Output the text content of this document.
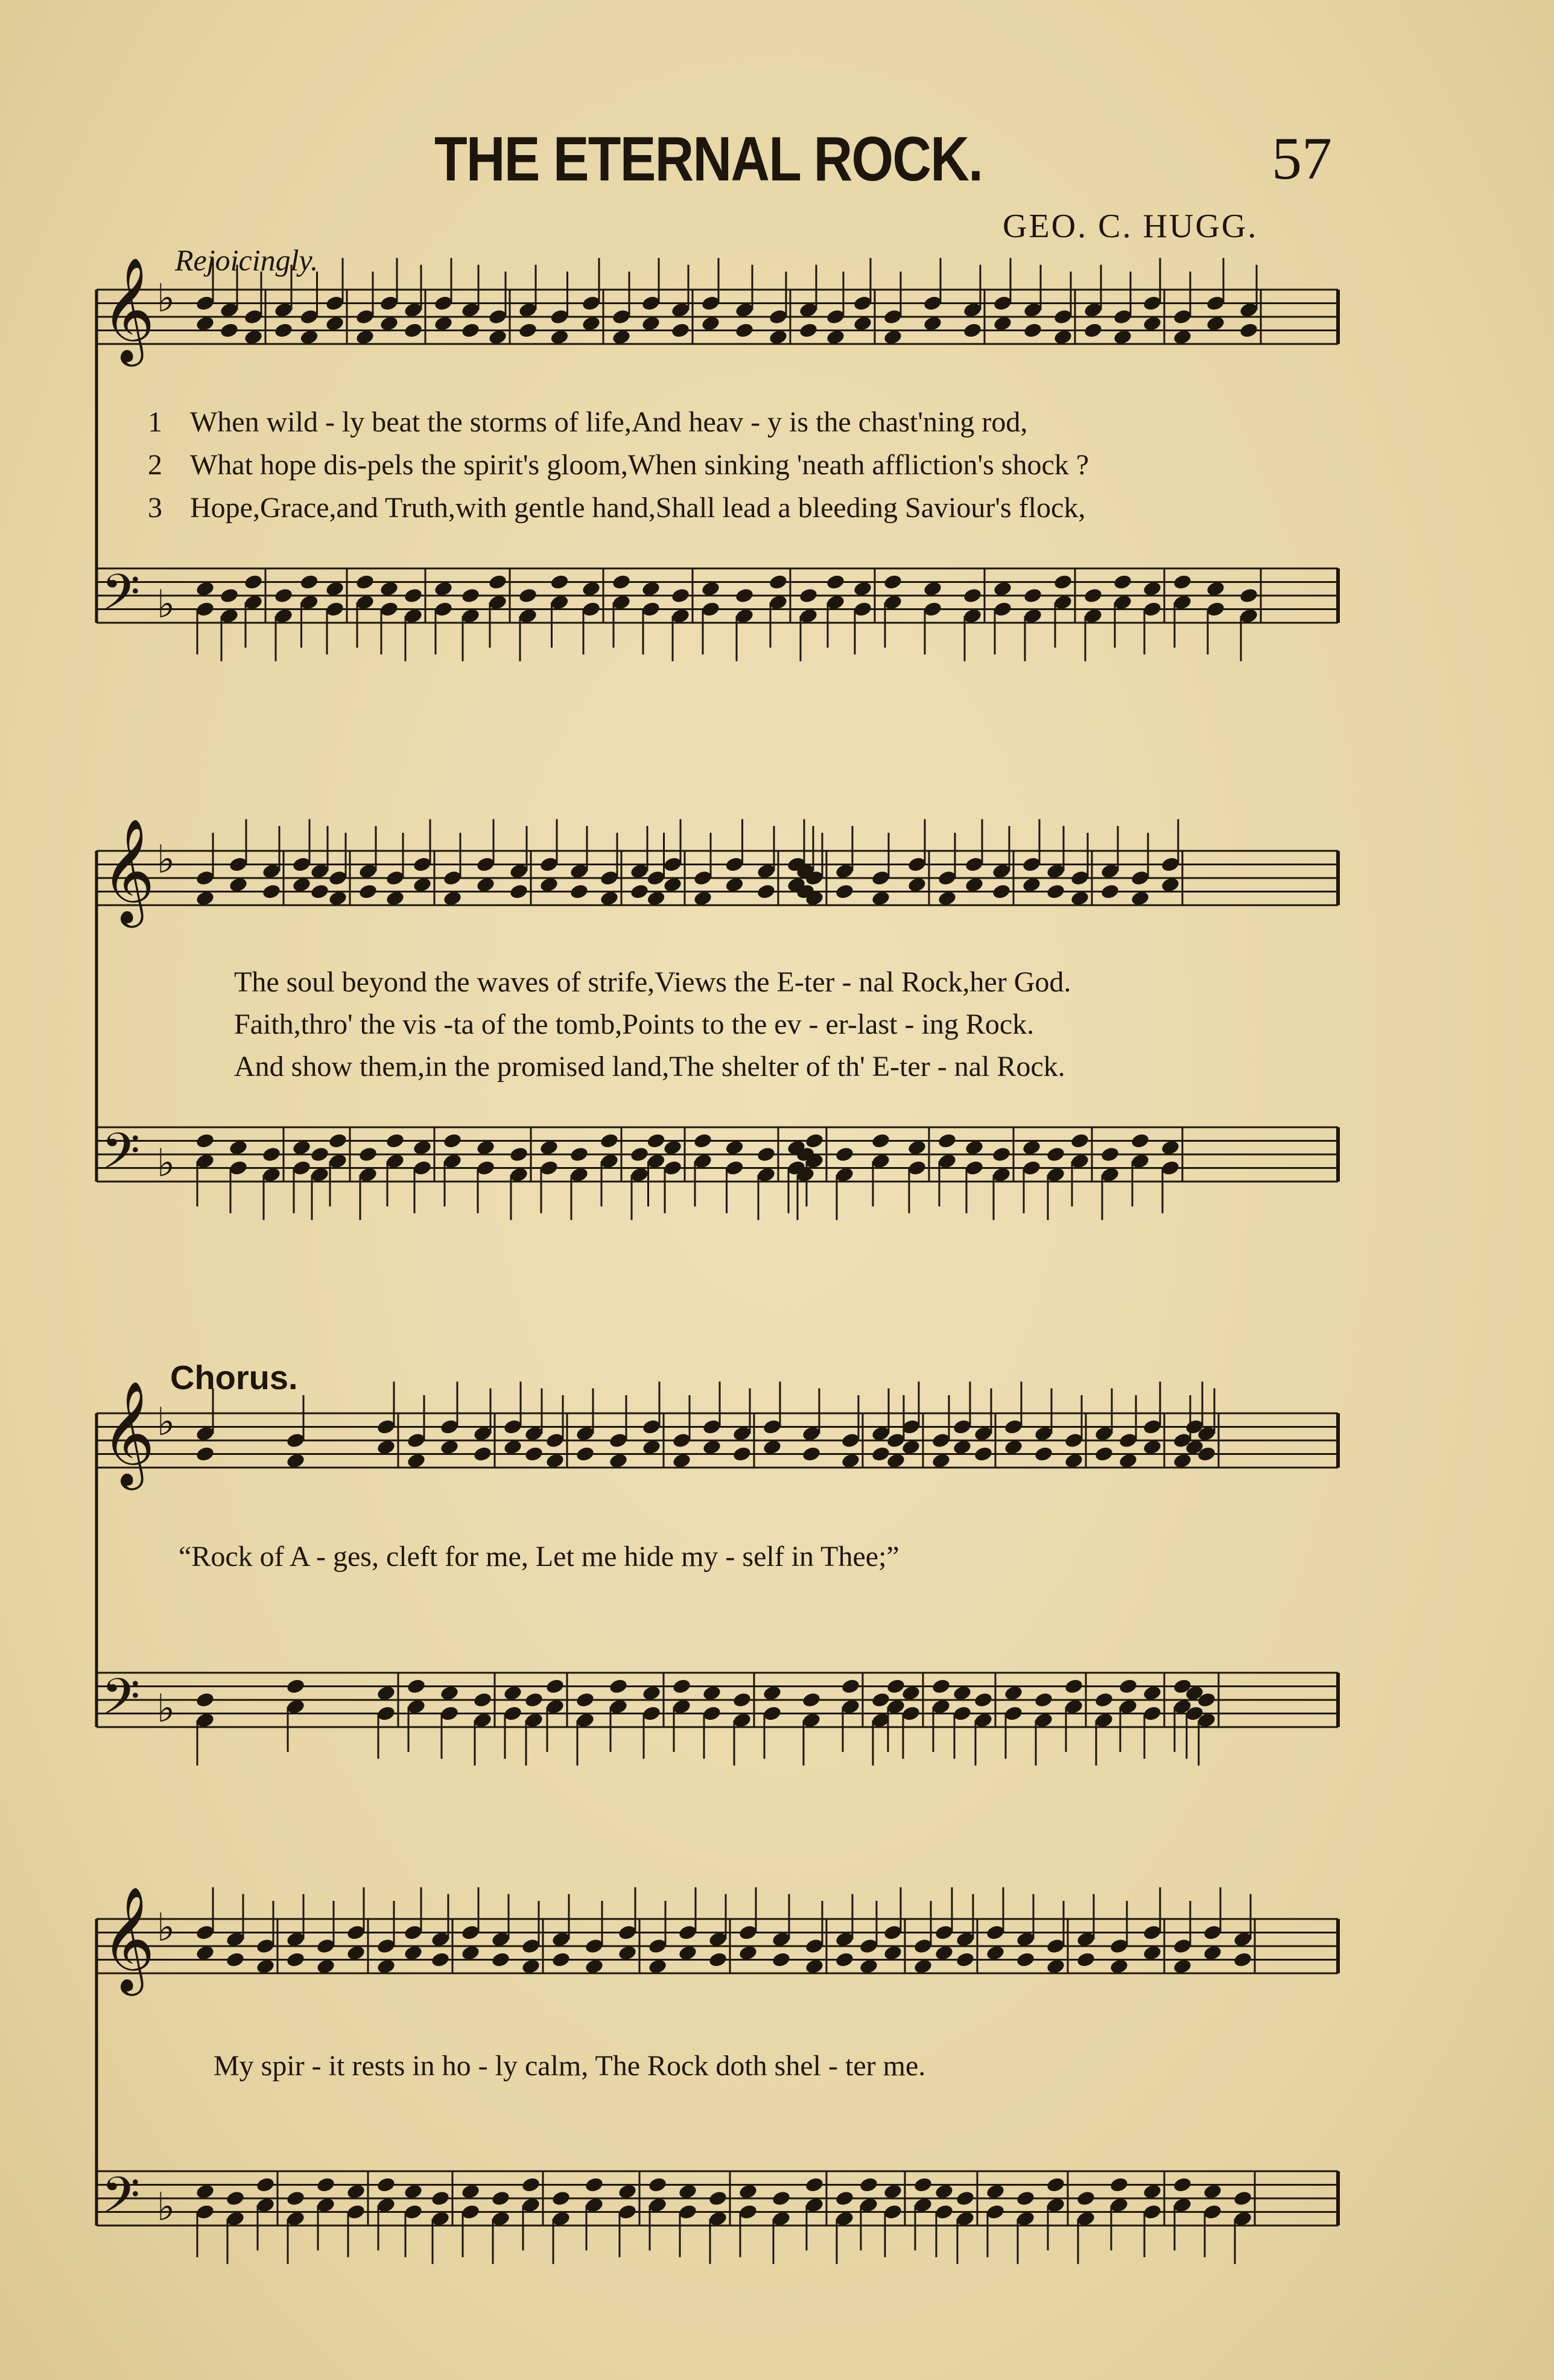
THE ETERNAL ROCK.	57
GEO. C. HUGG.
Rejoicingly.
Chorus.
1 When wild - ly beat the storms of life,And heav - y is the chast'ning rod,
2 What hope dis-pels the spirit's gloom,When sinking 'neath affliction's shock ?
3 Hope,Grace,and Truth,with gentle hand,Shall lead a bleeding Saviour's flock,
The soul beyond the waves of strife,Views the E-ter - nal Rock,her God.
Faith,thro' the vis -ta of the tomb,Points to the ev - er-last - ing Rock.
And show them,in the promised land,The shelter of th' E-ter - nal Rock.
“Rock of A - ges, cleft for me, Let me hide my - self in Thee;”
My spir - it rests in ho - ly calm, The Rock doth shel - ter me.
𝄞 ♭
𝄢 ♭
𝄞 ♭
𝄢 ♭
𝄞 ♭
𝄢 ♭
𝄞 ♭
𝄢 ♭
